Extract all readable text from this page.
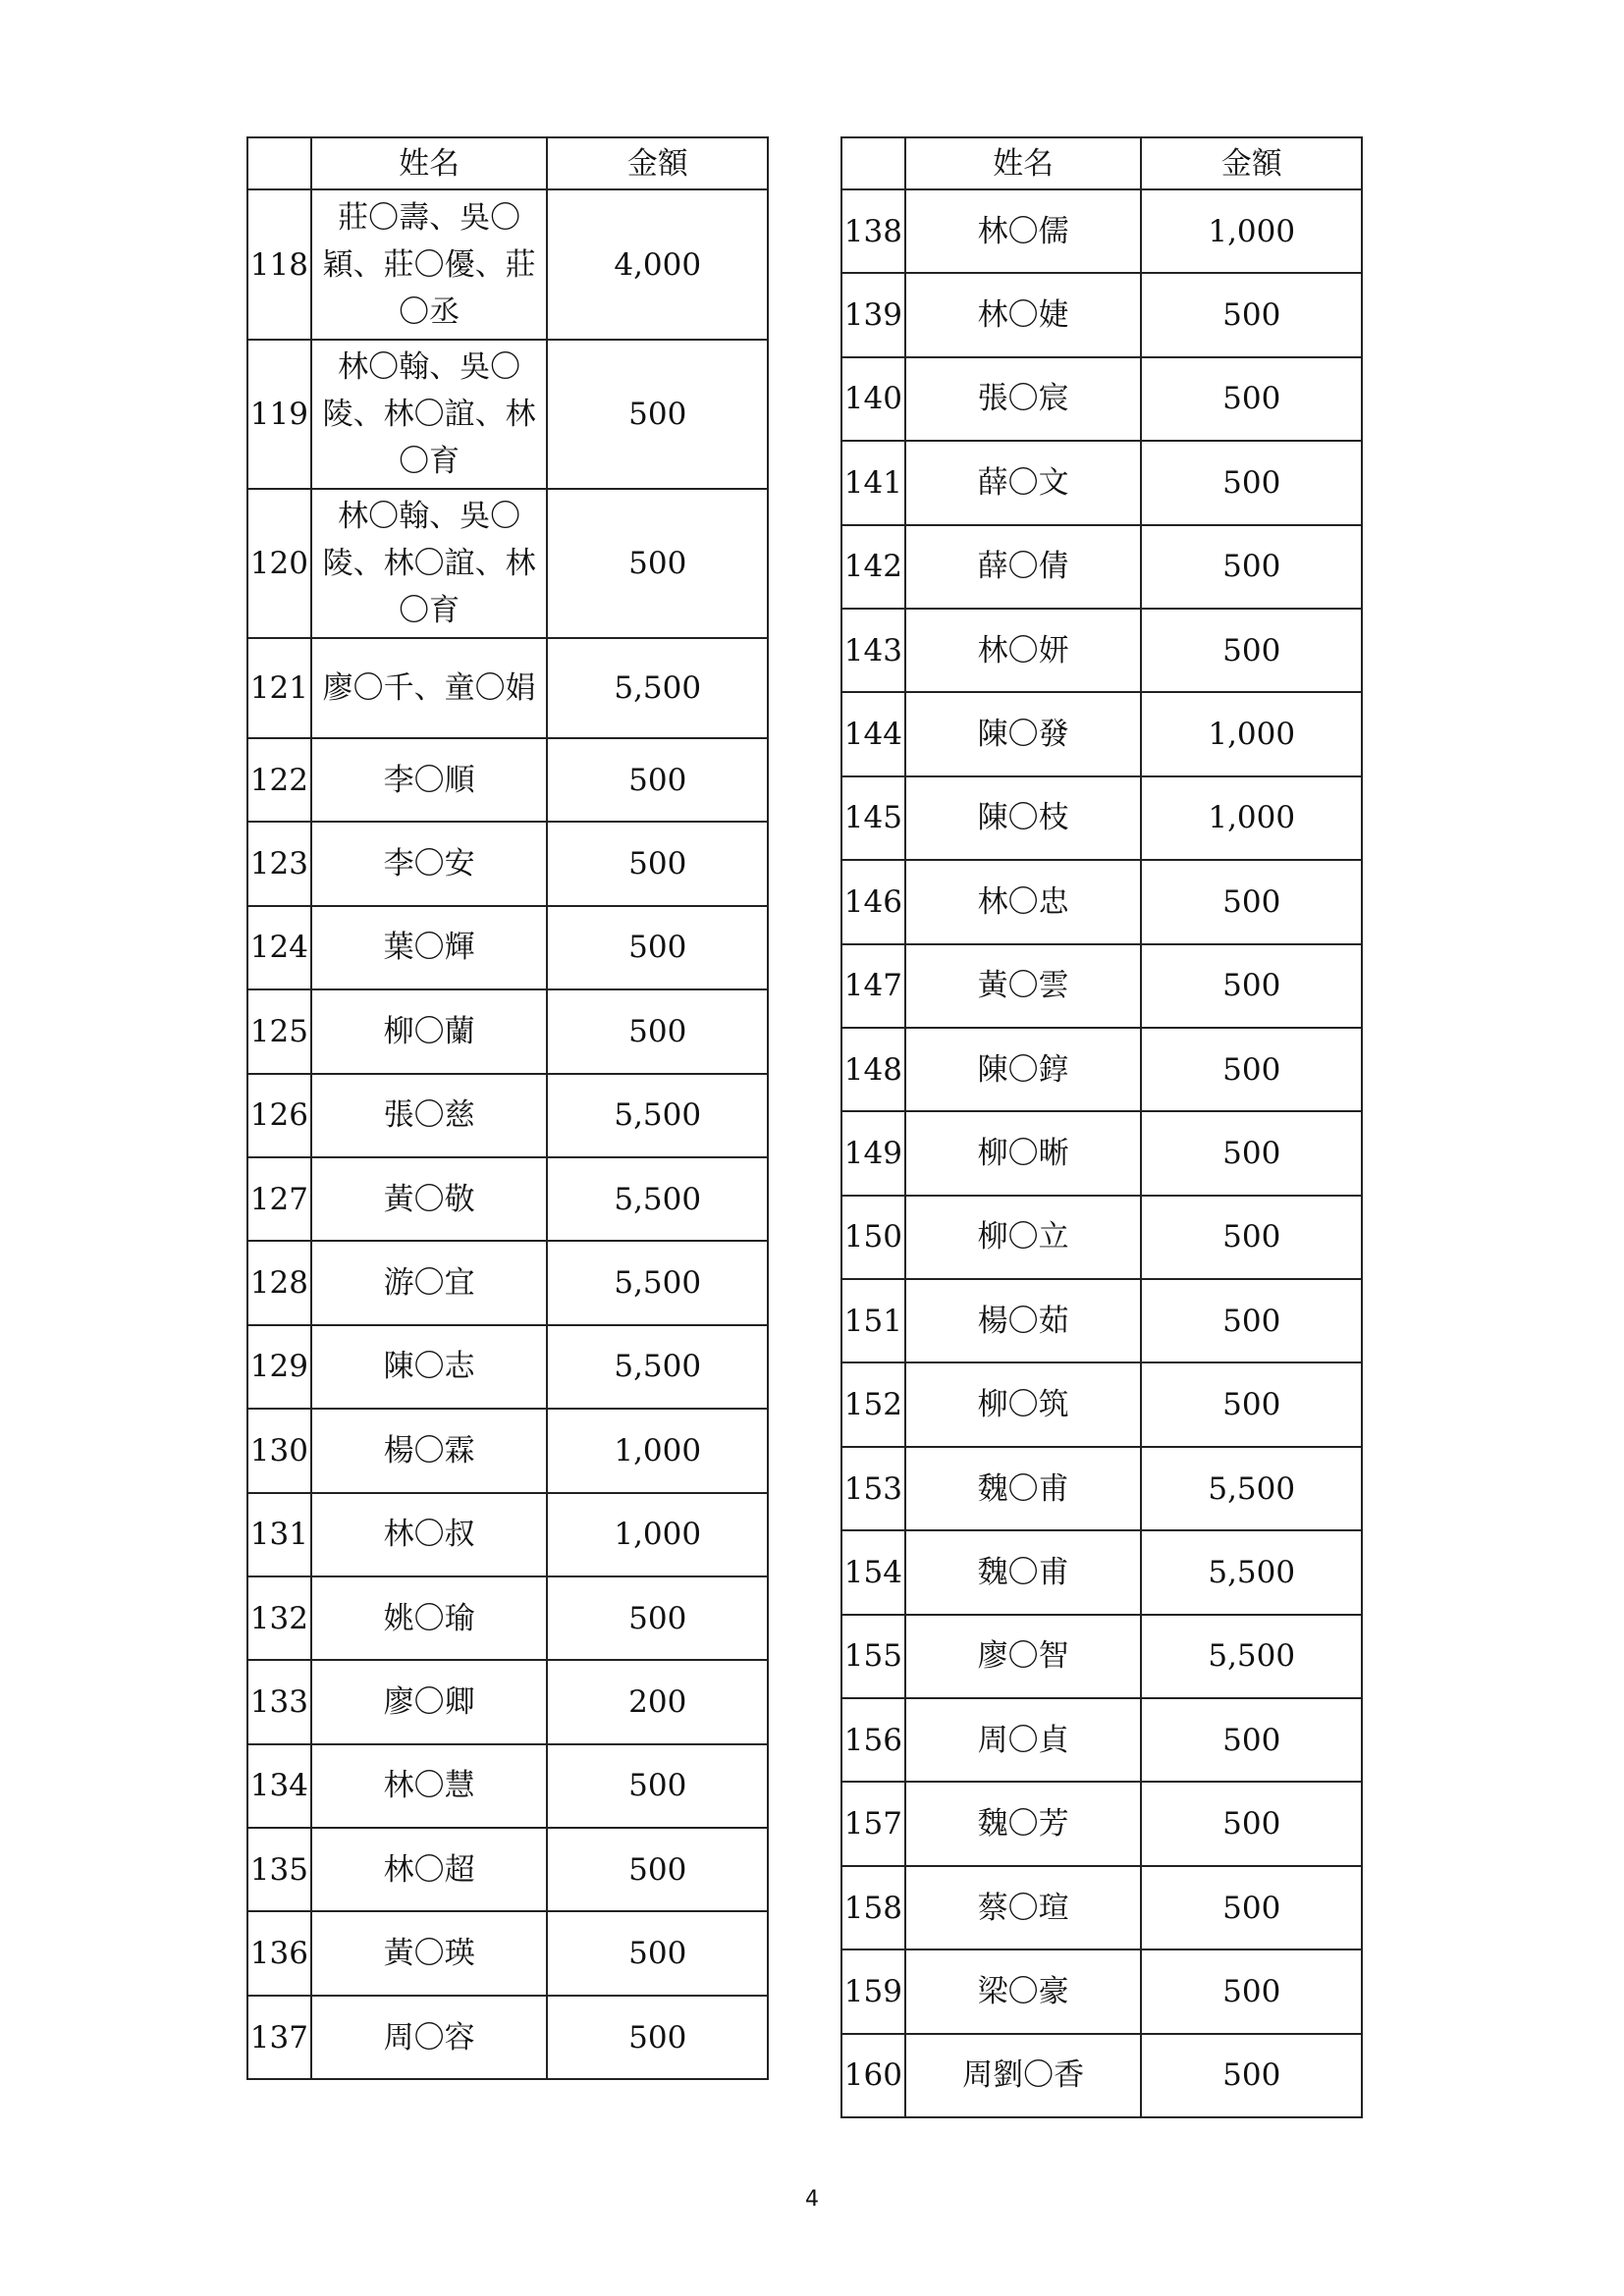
	姓名	金額
118	莊〇壽、吳〇穎、莊〇優、莊〇丞	4,000
119	林〇翰、吳〇陵、林〇誼、林〇育	500
120	林〇翰、吳〇陵、林〇誼、林〇育	500
121	廖〇千、童〇娟	5,500
122	李〇順	500
123	李〇安	500
124	葉〇輝	500
125	柳〇蘭	500
126	張〇慈	5,500
127	黃〇敬	5,500
128	游〇宜	5,500
129	陳〇志	5,500
130	楊〇霖	1,000
131	林〇叔	1,000
132	姚〇瑜	500
133	廖〇卿	200
134	林〇慧	500
135	林〇超	500
136	黃〇瑛	500
137	周〇容	500
	姓名	金額
138	林〇儒	1,000
139	林〇婕	500
140	張〇宸	500
141	薛〇文	500
142	薛〇倩	500
143	林〇妍	500
144	陳〇發	1,000
145	陳〇枝	1,000
146	林〇忠	500
147	黃〇雲	500
148	陳〇錞	500
149	柳〇晰	500
150	柳〇立	500
151	楊〇茹	500
152	柳〇筑	500
153	魏〇甫	5,500
154	魏〇甫	5,500
155	廖〇智	5,500
156	周〇貞	500
157	魏〇芳	500
158	蔡〇瑄	500
159	梁〇豪	500
160	周劉〇香	500
4
